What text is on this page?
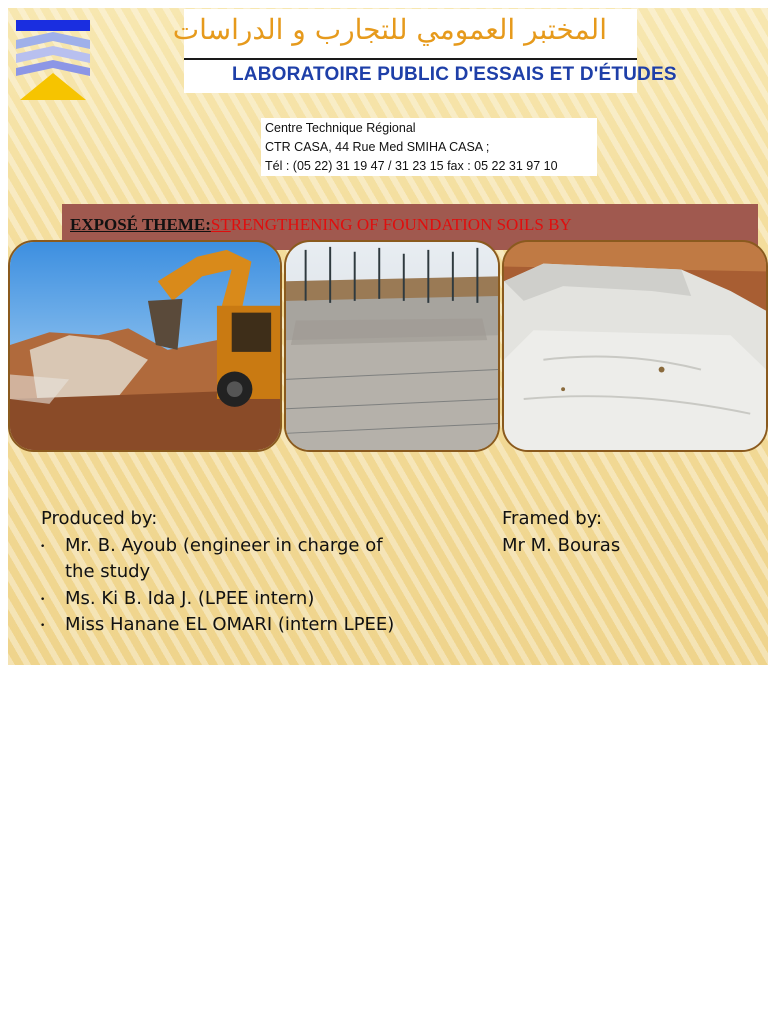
المختبر العمومي للتجارب و الدراسات
LABORATOIRE PUBLIC D'ESSAIS ET D'ÉTUDES
Centre Technique Régional
CTR CASA, 44 Rue Med SMIHA CASA ;
Tél : (05 22) 31 19 47 / 31 23 15 fax : 05 22 31 97 10
EXPOSÉ THEME:STRENGTHENING OF FOUNDATION SOILS BY
Produced by:
• Mr. B. Ayoub (engineer in charge of the study
• Ms. Ki B. Ida J. (LPEE intern)
• Miss Hanane EL OMARI (intern LPEE)
Framed by:
Mr M. Bouras
